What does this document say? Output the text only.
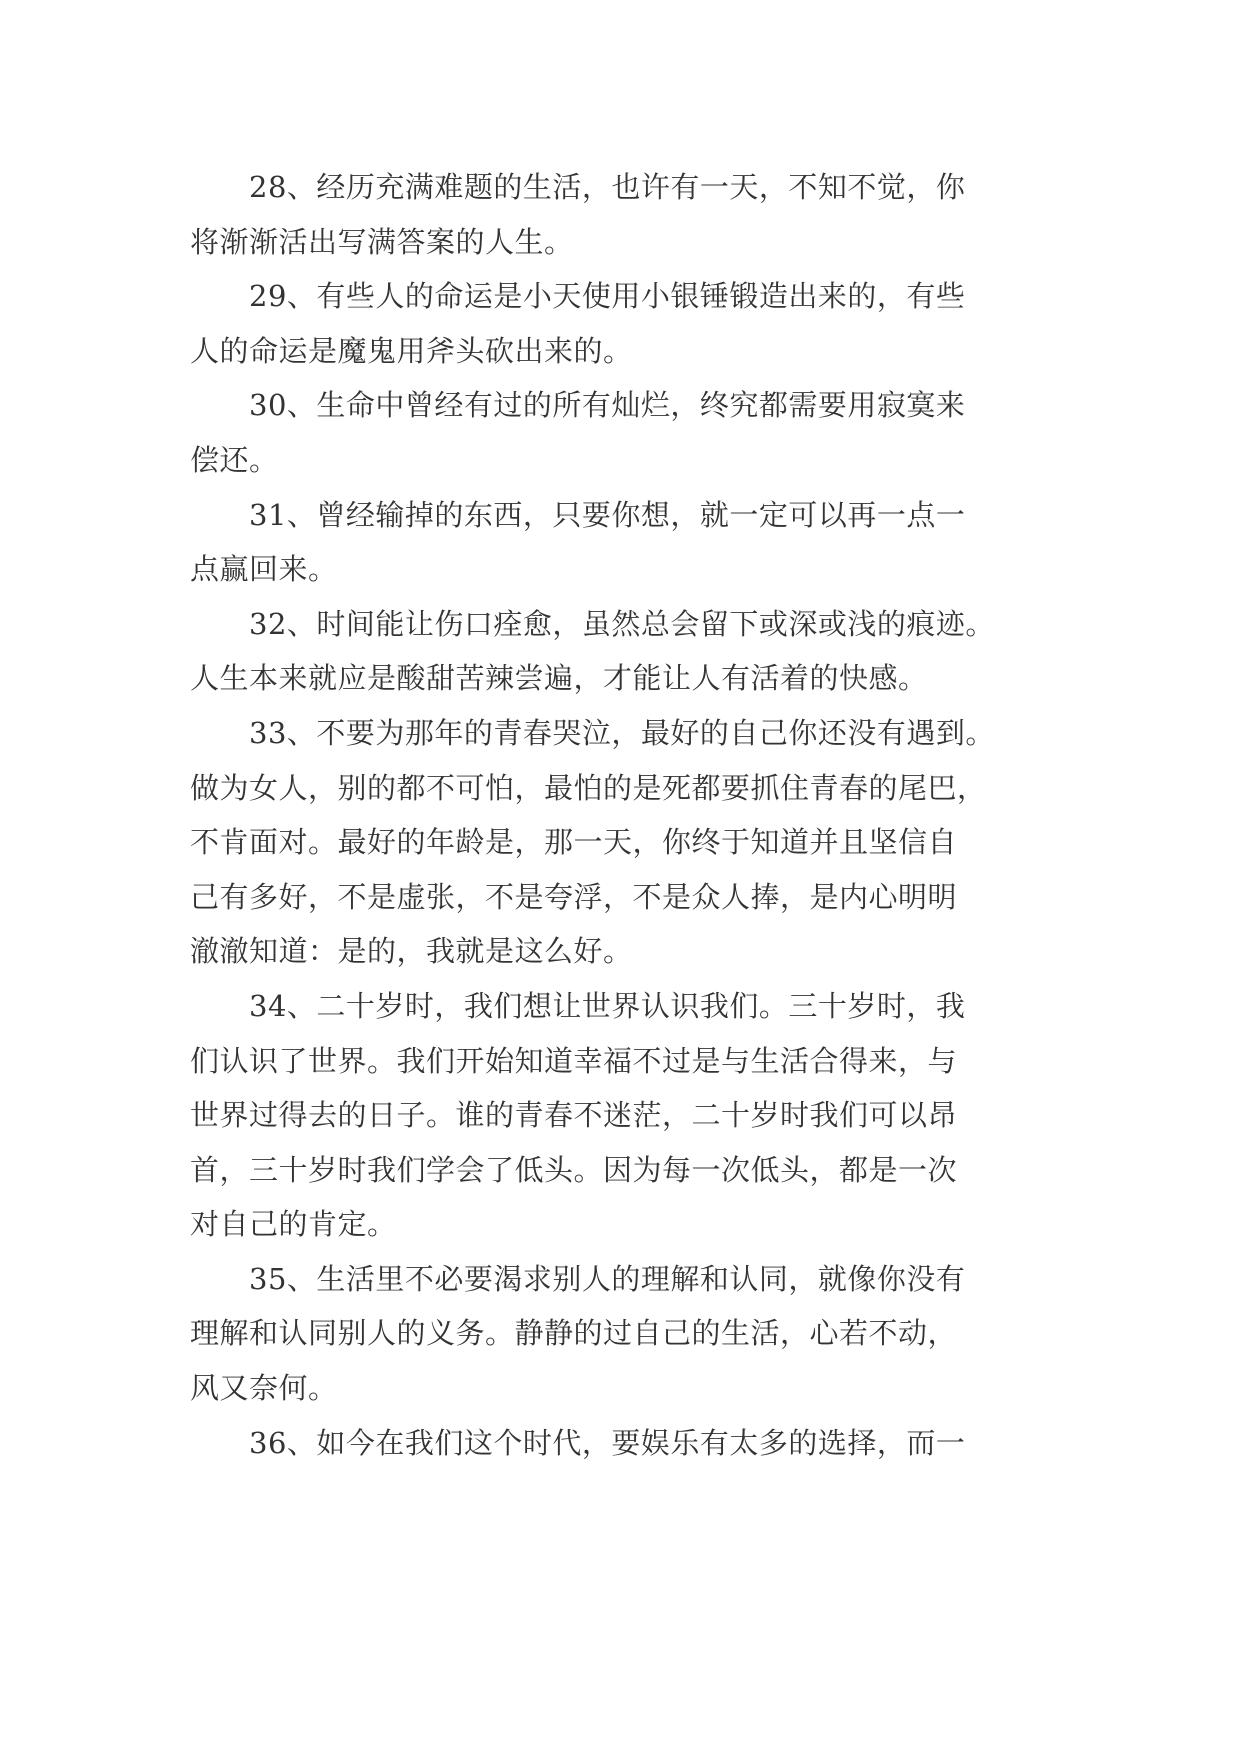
28、经历充满难题的生活，也许有一天，不知不觉，你
将渐渐活出写满答案的人生。
29、有些人的命运是小天使用小银锤锻造出来的，有些
人的命运是魔鬼用斧头砍出来的。
30、生命中曾经有过的所有灿烂，终究都需要用寂寞来
偿还。
31、曾经输掉的东西，只要你想，就一定可以再一点一
点赢回来。
32、时间能让伤口痊愈，虽然总会留下或深或浅的痕迹。
人生本来就应是酸甜苦辣尝遍，才能让人有活着的快感。
33、不要为那年的青春哭泣，最好的自己你还没有遇到。
做为女人，别的都不可怕，最怕的是死都要抓住青春的尾巴，
不肯面对。最好的年龄是，那一天，你终于知道并且坚信自
己有多好，不是虚张，不是夸浮，不是众人捧，是内心明明
澈澈知道：是的，我就是这么好。
34、二十岁时，我们想让世界认识我们。三十岁时，我
们认识了世界。我们开始知道幸福不过是与生活合得来，与
世界过得去的日子。谁的青春不迷茫，二十岁时我们可以昂
首，三十岁时我们学会了低头。因为每一次低头，都是一次
对自己的肯定。
35、生活里不必要渴求别人的理解和认同，就像你没有
理解和认同别人的义务。静静的过自己的生活，心若不动，
风又奈何。
36、如今在我们这个时代，要娱乐有太多的选择，而一
